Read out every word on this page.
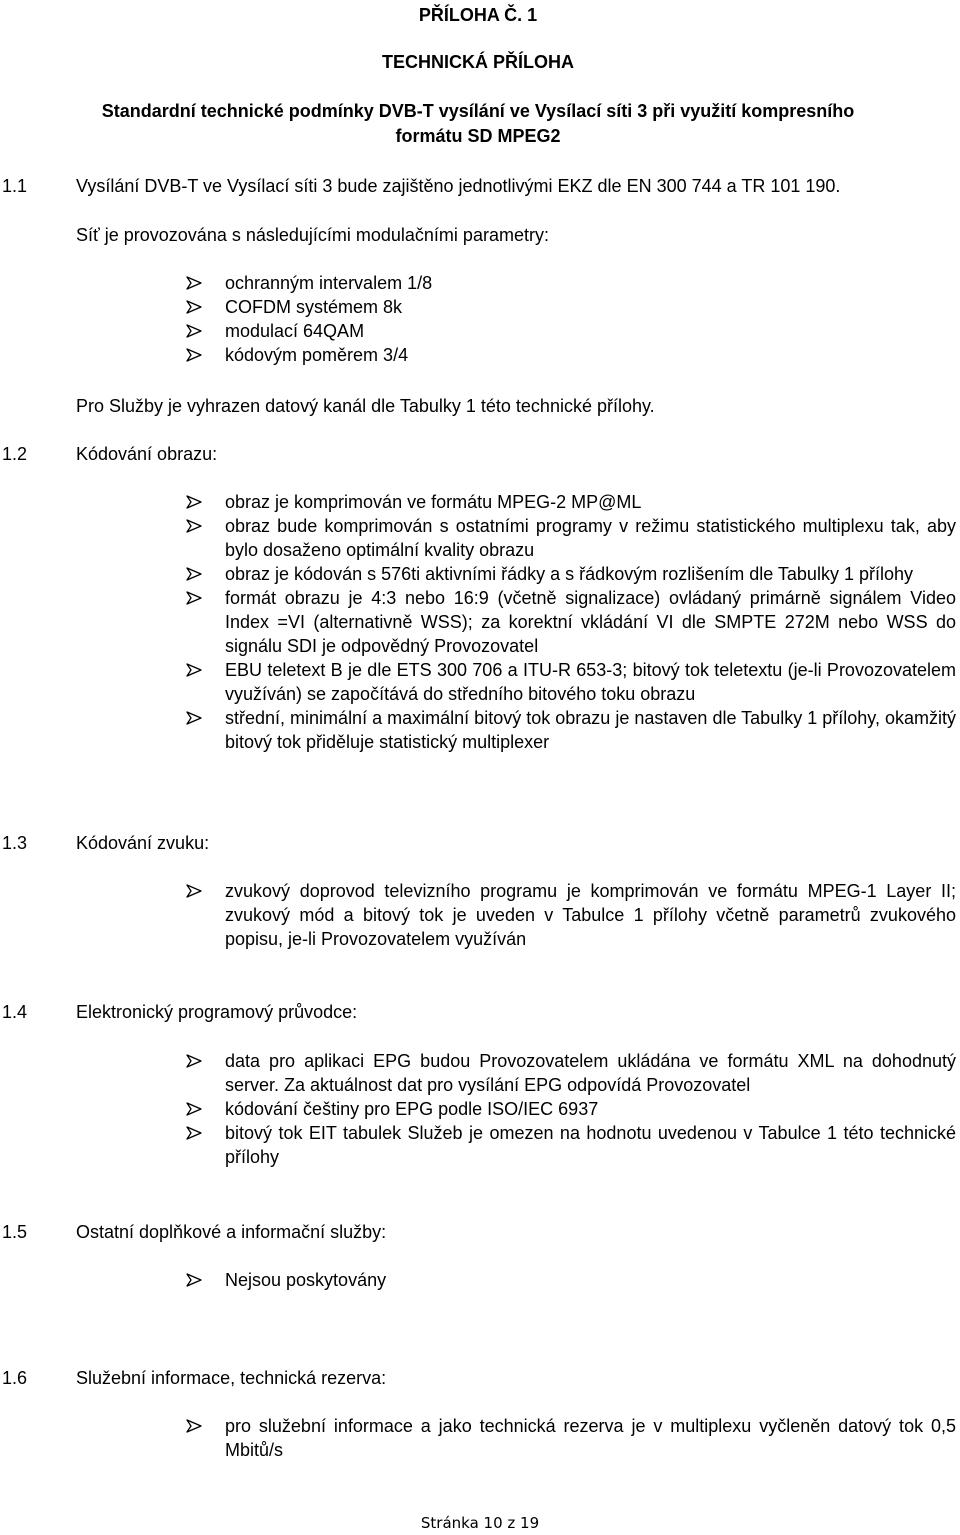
PŘÍLOHA Č. 1
TECHNICKÁ PŘÍLOHA
Standardní technické podmínky DVB-T vysílání ve Vysílací síti 3 při využití kompresního
formátu SD MPEG2
1.1	Vysílání DVB-T ve Vysílací síti 3 bude zajištěno jednotlivými EKZ dle EN 300 744 a TR 101 190.
Síť je provozována s následujícími modulačními parametry:
ochranným intervalem 1/8
COFDM systémem 8k
modulací 64QAM
kódovým poměrem 3/4
Pro Služby je vyhrazen datový kanál dle Tabulky 1 této technické přílohy.
1.2	Kódování obrazu:
obraz je komprimován ve formátu MPEG-2 MP@ML
obraz bude komprimován s ostatními programy v režimu statistického multiplexu tak, aby bylo dosaženo optimální kvality obrazu
obraz je kódován s 576ti aktivními řádky a s řádkovým rozlišením dle Tabulky 1 přílohy
formát obrazu je 4:3 nebo 16:9 (včetně signalizace) ovládaný primárně signálem Video Index =VI (alternativně WSS); za korektní vkládání VI dle SMPTE 272M nebo WSS do signálu SDI je odpovědný Provozovatel
EBU teletext B je dle ETS 300 706 a ITU-R 653-3; bitový tok teletextu (je-li Provozovatelem využíván) se započítává do středního bitového toku obrazu
střední, minimální a maximální bitový tok obrazu je nastaven dle Tabulky 1 přílohy, okamžitý bitový tok přiděluje statistický multiplexer
1.3	Kódování zvuku:
zvukový doprovod televizního programu je komprimován ve formátu MPEG-1 Layer II; zvukový mód a bitový tok je uveden v Tabulce 1 přílohy včetně parametrů zvukového popisu, je-li Provozovatelem využíván
1.4	Elektronický programový průvodce:
data pro aplikaci EPG budou Provozovatelem ukládána ve formátu XML na dohodnutý server. Za aktuálnost dat pro vysílání EPG odpovídá Provozovatel
kódování češtiny pro EPG podle ISO/IEC 6937
bitový tok EIT tabulek Služeb je omezen na hodnotu uvedenou v Tabulce 1 této technické přílohy
1.5	Ostatní doplňkové a informační služby:
Nejsou poskytovány
1.6	Služební informace, technická rezerva:
pro služební informace a jako technická rezerva je v multiplexu vyčleněn datový tok 0,5 Mbitů/s
Stránka 10 z 19
